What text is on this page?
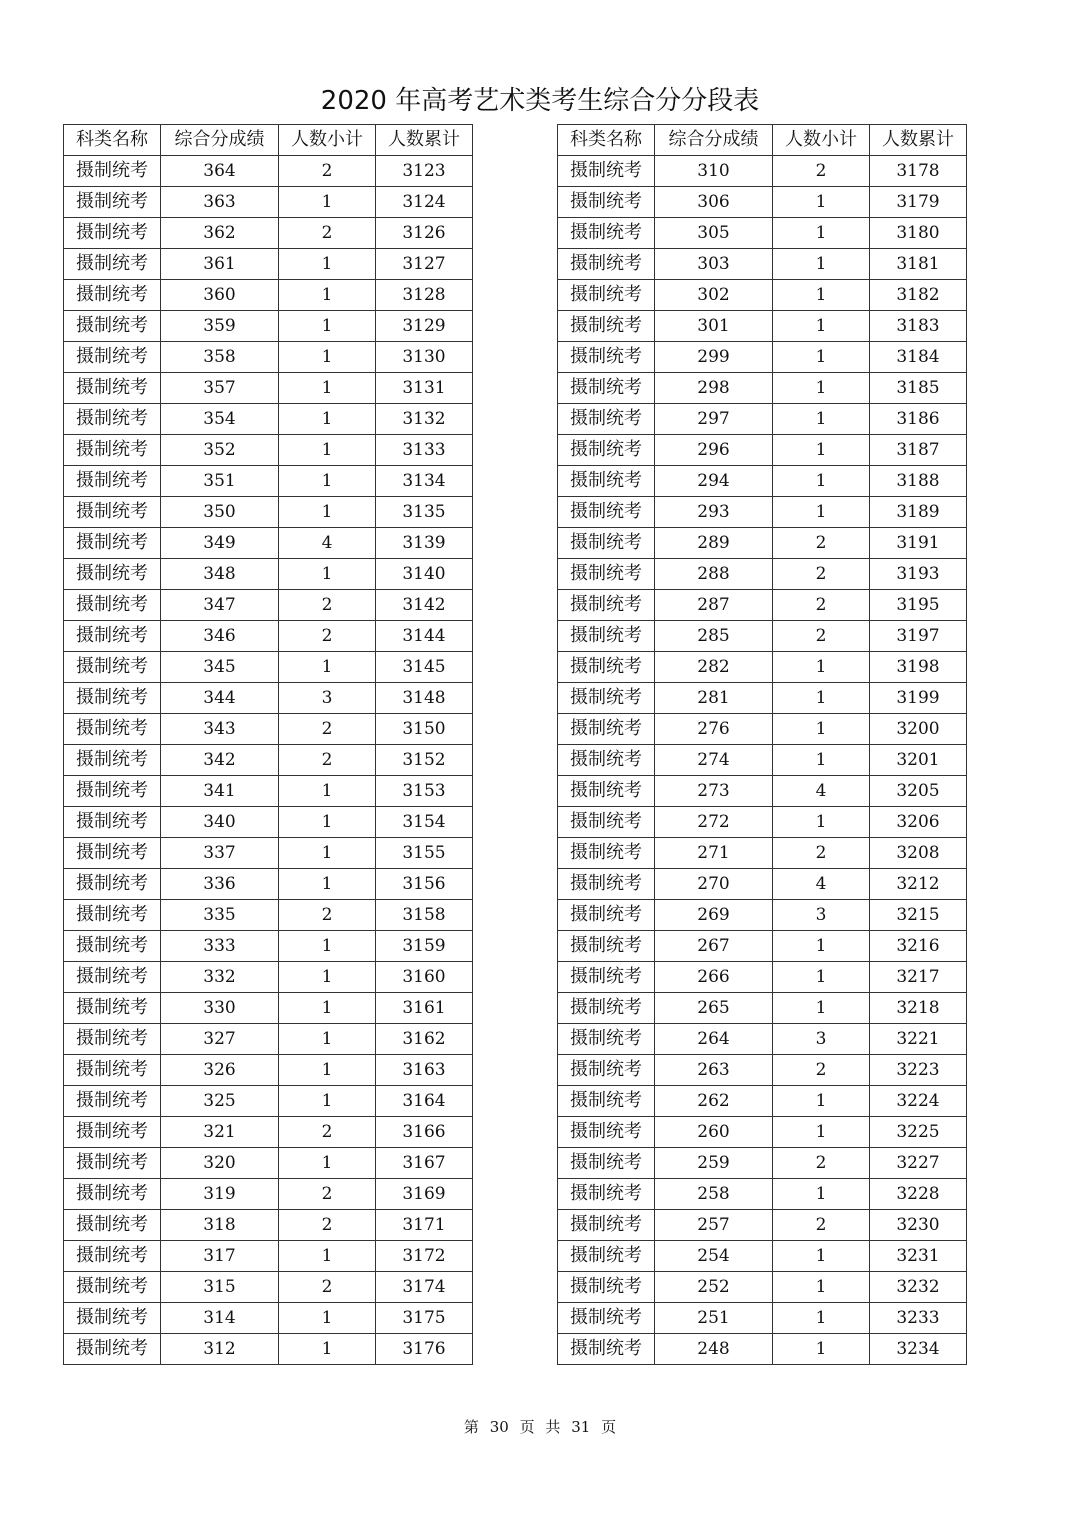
2020 年高考艺术类考生综合分分段表
科类名称	综合分成绩	人数小计	人数累计
摄制统考	364	2	3123
摄制统考	363	1	3124
摄制统考	362	2	3126
摄制统考	361	1	3127
摄制统考	360	1	3128
摄制统考	359	1	3129
摄制统考	358	1	3130
摄制统考	357	1	3131
摄制统考	354	1	3132
摄制统考	352	1	3133
摄制统考	351	1	3134
摄制统考	350	1	3135
摄制统考	349	4	3139
摄制统考	348	1	3140
摄制统考	347	2	3142
摄制统考	346	2	3144
摄制统考	345	1	3145
摄制统考	344	3	3148
摄制统考	343	2	3150
摄制统考	342	2	3152
摄制统考	341	1	3153
摄制统考	340	1	3154
摄制统考	337	1	3155
摄制统考	336	1	3156
摄制统考	335	2	3158
摄制统考	333	1	3159
摄制统考	332	1	3160
摄制统考	330	1	3161
摄制统考	327	1	3162
摄制统考	326	1	3163
摄制统考	325	1	3164
摄制统考	321	2	3166
摄制统考	320	1	3167
摄制统考	319	2	3169
摄制统考	318	2	3171
摄制统考	317	1	3172
摄制统考	315	2	3174
摄制统考	314	1	3175
摄制统考	312	1	3176
科类名称	综合分成绩	人数小计	人数累计
摄制统考	310	2	3178
摄制统考	306	1	3179
摄制统考	305	1	3180
摄制统考	303	1	3181
摄制统考	302	1	3182
摄制统考	301	1	3183
摄制统考	299	1	3184
摄制统考	298	1	3185
摄制统考	297	1	3186
摄制统考	296	1	3187
摄制统考	294	1	3188
摄制统考	293	1	3189
摄制统考	289	2	3191
摄制统考	288	2	3193
摄制统考	287	2	3195
摄制统考	285	2	3197
摄制统考	282	1	3198
摄制统考	281	1	3199
摄制统考	276	1	3200
摄制统考	274	1	3201
摄制统考	273	4	3205
摄制统考	272	1	3206
摄制统考	271	2	3208
摄制统考	270	4	3212
摄制统考	269	3	3215
摄制统考	267	1	3216
摄制统考	266	1	3217
摄制统考	265	1	3218
摄制统考	264	3	3221
摄制统考	263	2	3223
摄制统考	262	1	3224
摄制统考	260	1	3225
摄制统考	259	2	3227
摄制统考	258	1	3228
摄制统考	257	2	3230
摄制统考	254	1	3231
摄制统考	252	1	3232
摄制统考	251	1	3233
摄制统考	248	1	3234
第 30 页 共 31 页
